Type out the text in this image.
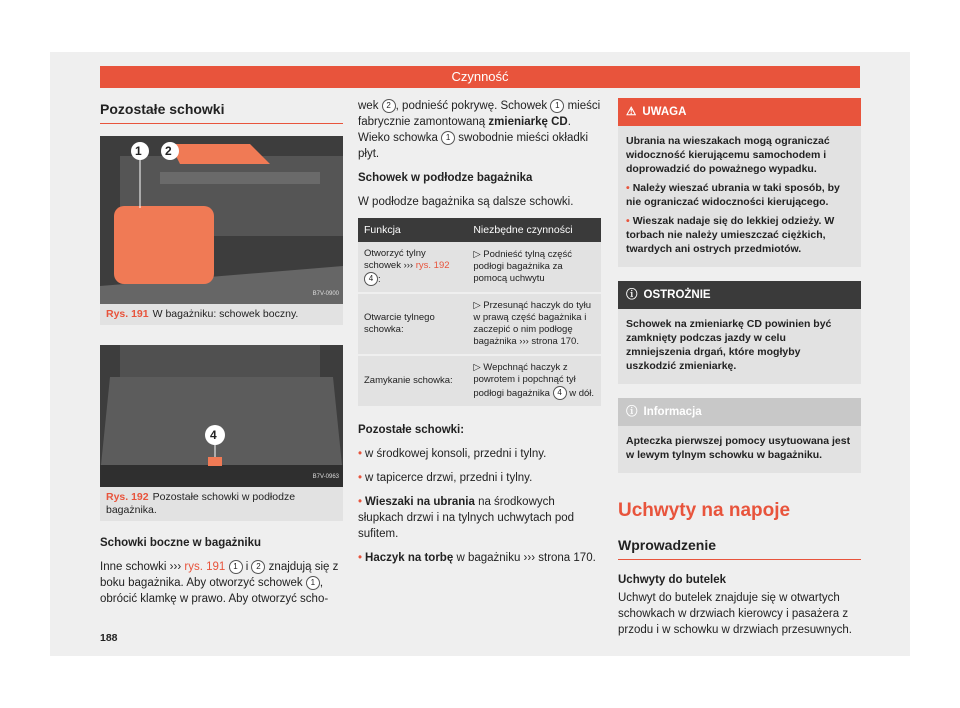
Czynność
Pozostałe schowki
1 2
B7V-0900
Rys. 191 W bagażniku: schowek boczny.
4
B7V-0963
Rys. 192 Pozostałe schowki w podłodze bagażnika.

Schowki boczne w bagażniku

Inne schowki ››› rys. 191 1 i 2 znajdują się z boku bagażnika. Aby otworzyć schowek 1 , obrócić klamkę w prawo. Aby otworzyć scho-

wek 2 , podnieść pokrywę. Schowek 1 mieści fabrycznie zamontowaną zmieniarkę CD. Wieko schowka 1 swobodnie mieści okładki płyt.

Schowek w podłodze bagażnika

W podłodze bagażnika są dalsze schowki.

Funkcja	Niezbędne czynności
Otworzyć tylny schowek ››› rys. 192 4 :	▷ Podnieść tylną część podłogi bagażnika za pomocą uchwytu
Otwarcie tylnego schowka:	▷ Przesunąć haczyk do tyłu w prawą część bagażnika i zaczepić o nim podłogę bagażnika ››› strona 170.
Zamykanie schowka:	▷ Wepchnąć haczyk z powrotem i popchnąć tył podłogi bagażnika 4 w dół.

Pozostałe schowki:

• w środkowej konsoli, przedni i tylny.

• w tapicerce drzwi, przedni i tylny.

• Wieszaki na ubrania na środkowych słupkach drzwi i na tylnych uchwytach pod sufitem.

• Haczyk na torbę w bagażniku ››› strona 170.

⚠ UWAGA

Ubrania na wieszakach mogą ograniczać widoczność kierującemu samochodem i doprowadzić do poważnego wypadku.

• Należy wieszać ubrania w taki sposób, by nie ograniczać widoczności kierującego.

• Wieszak nadaje się do lekkiej odzieży. W torbach nie należy umieszczać ciężkich, twardych ani ostrych przedmiotów.

ⓘ OSTROŻNIE

Schowek na zmieniarkę CD powinien być zamknięty podczas jazdy w celu zmniejszenia drgań, które mogłyby uszkodzić zmieniarkę.

ⓘ Informacja

Apteczka pierwszej pomocy usytuowana jest w lewym tylnym schowku w bagażniku.

Uchwyty na napoje
Wprowadzenie

Uchwyty do butelek

Uchwyt do butelek znajduje się w otwartych schowkach w drzwiach kierowcy i pasażera z przodu i w schowku w drzwiach przesuwnych.

188
